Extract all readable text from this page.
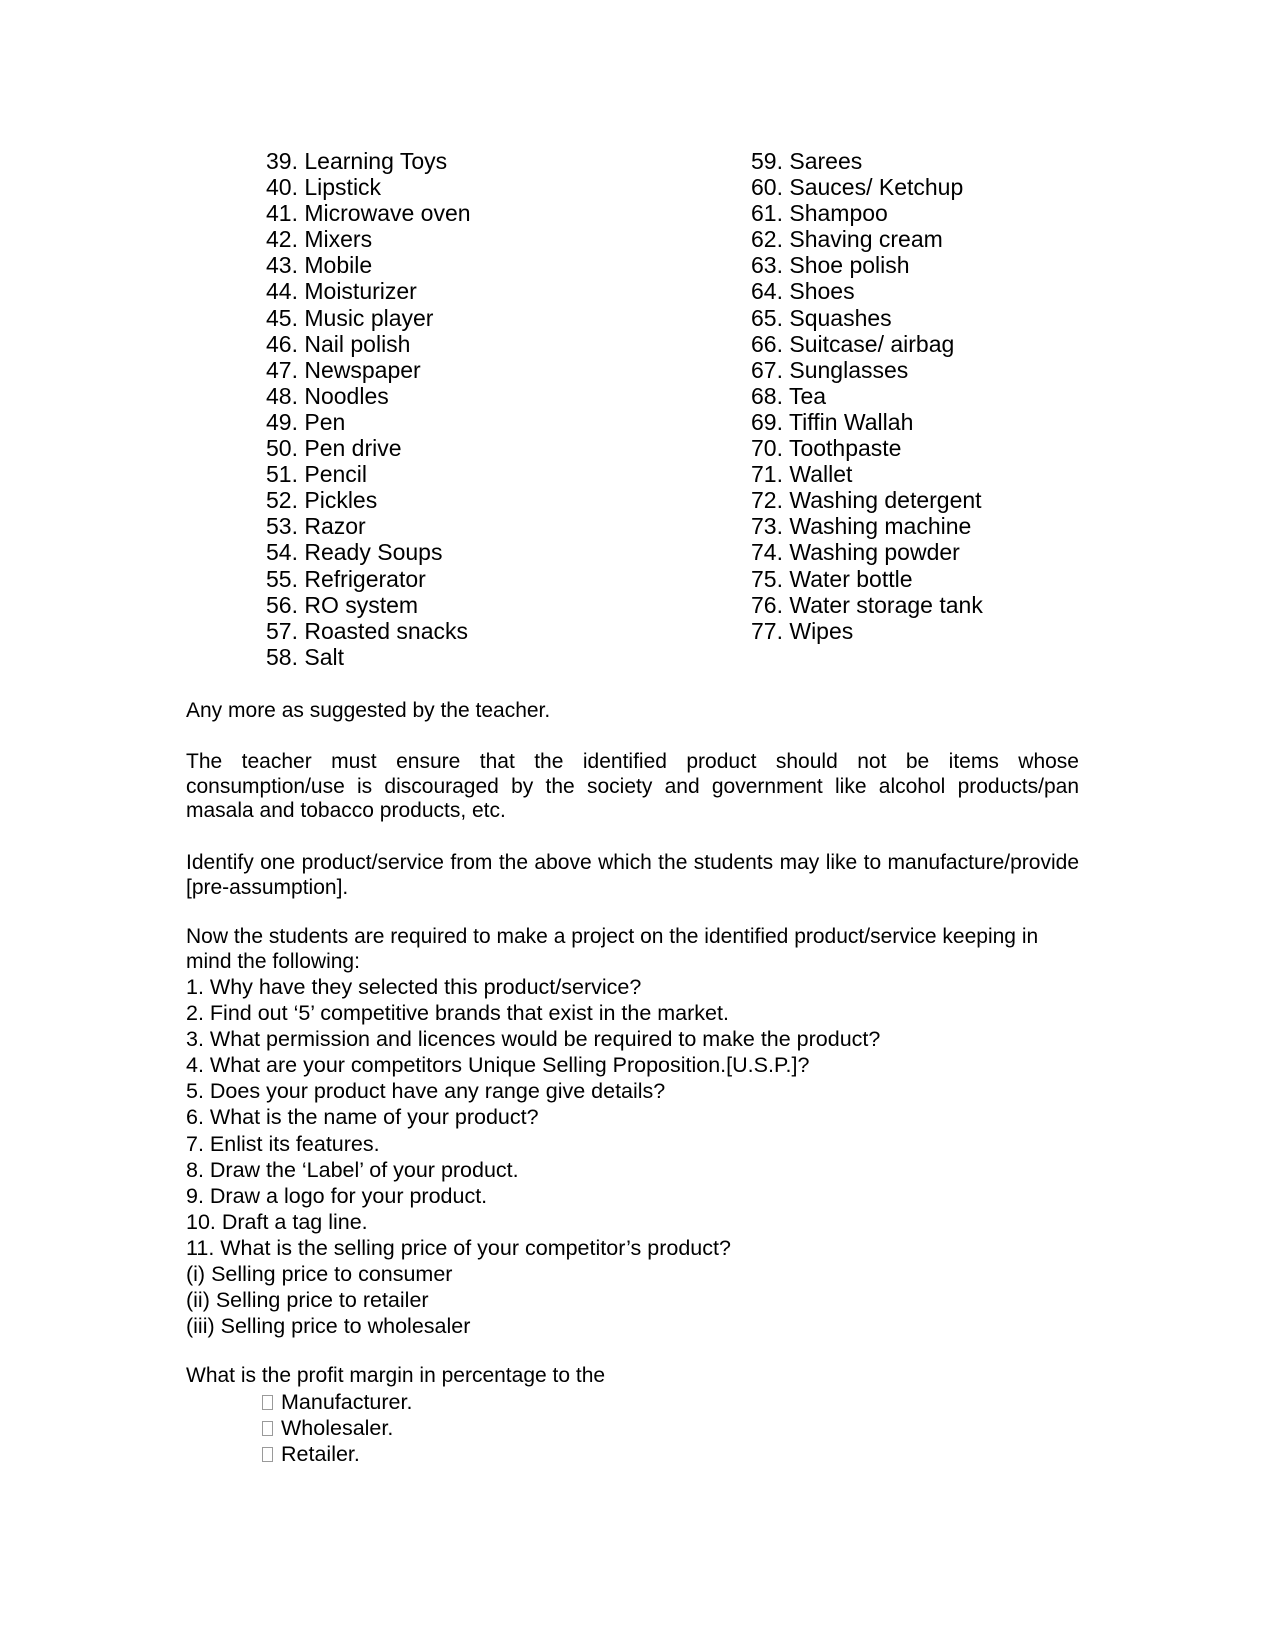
39. Learning Toys
40. Lipstick
41. Microwave oven
42. Mixers
43. Mobile
44. Moisturizer
45. Music player
46. Nail polish
47. Newspaper
48. Noodles
49. Pen
50. Pen drive
51. Pencil
52. Pickles
53. Razor
54. Ready Soups
55. Refrigerator
56. RO system
57. Roasted snacks
58. Salt
59. Sarees
60. Sauces/ Ketchup
61. Shampoo
62. Shaving cream
63. Shoe polish
64. Shoes
65. Squashes
66. Suitcase/ airbag
67. Sunglasses
68. Tea
69. Tiffin Wallah
70. Toothpaste
71. Wallet
72. Washing detergent
73. Washing machine
74. Washing powder
75. Water bottle
76. Water storage tank
77. Wipes

Any more as suggested by the teacher.

The teacher must ensure that the identified product should not be items whose consumption/use is discouraged by the society and government like alcohol products/pan masala and tobacco products, etc.

Identify one product/service from the above which the students may like to manufacture/provide [pre-assumption].

Now the students are required to make a project on the identified product/service keeping in mind the following:

1. Why have they selected this product/service?
2. Find out ‘5’ competitive brands that exist in the market.
3. What permission and licences would be required to make the product?
4. What are your competitors Unique Selling Proposition.[U.S.P.]?
5. Does your product have any range give details?
6. What is the name of your product?
7. Enlist its features.
8. Draw the ‘Label’ of your product.
9. Draw a logo for your product.
10. Draft a tag line.
11. What is the selling price of your competitor’s product?
(i) Selling price to consumer
(ii) Selling price to retailer
(iii) Selling price to wholesaler
What is the profit margin in percentage to the
Manufacturer.
Wholesaler.
Retailer.
